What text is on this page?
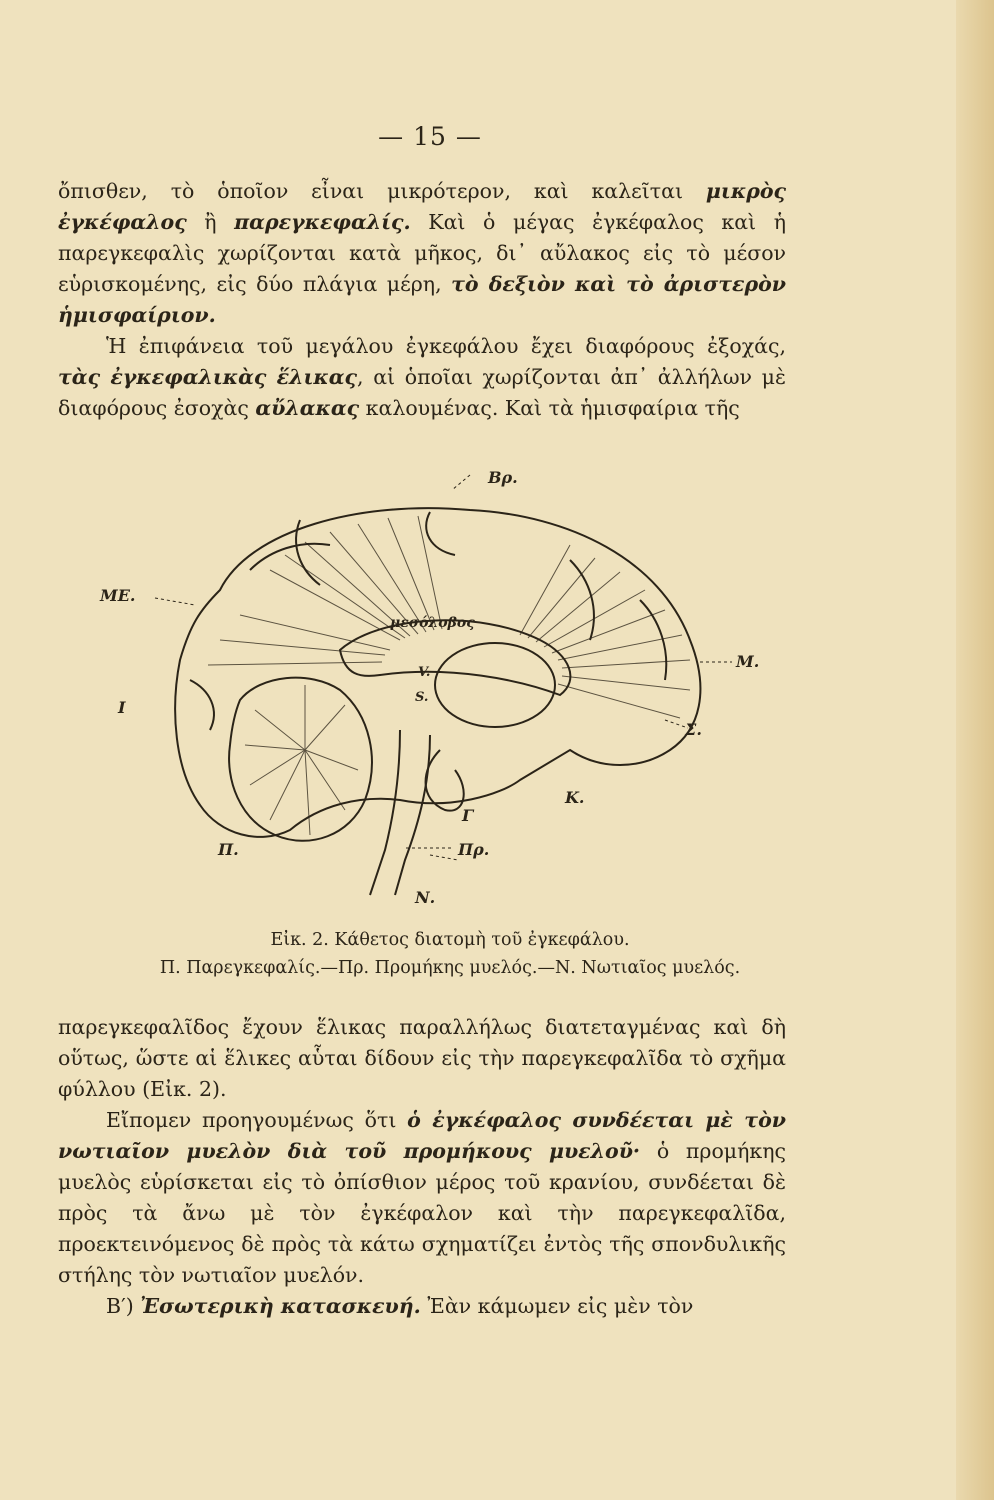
— 15 —

ὄπισθεν, τὸ ὁποῖον εἶναι μικρότερον, καὶ καλεῖται μικρὸς ἐγκέφαλος ἢ παρεγκεφαλίς. Καὶ ὁ μέγας ἐγκέφαλος καὶ ἡ παρεγκεφαλὶς χωρίζονται κατὰ μῆκος, δι᾿ αὔλακος εἰς τὸ μέσον εὑρισκομένης, εἰς δύο πλάγια μέρη, τὸ δεξιὸν καὶ τὸ ἀριστερὸν ἡμισφαίριον.

Ἡ ἐπιφάνεια τοῦ μεγάλου ἐγκεφάλου ἔχει διαφόρους ἐξοχάς, τὰς ἐγκεφαλικὰς ἕλικας, αἱ ὁποῖαι χωρίζονται ἀπ᾿ ἀλλήλων μὲ διαφόρους ἐσοχὰς αὔλακας καλουμένας. Καὶ τὰ ἡμισφαίρια τῆς

Βρ.
ΜΕ.
Μ.
Ι
Σ.
Κ.
Γ
Π.	Πρ.
Ν.
μεσόλοβος
V.
S.
Εἰκ. 2. Κάθετος διατομὴ τοῦ ἐγκεφάλου.
Π. Παρεγκεφαλίς.—Πρ. Προμήκης μυελός.—Ν. Νωτιαῖος μυελός.

παρεγκεφαλῖδος ἔχουν ἕλικας παραλλήλως διατεταγμένας καὶ δὴ οὕτως, ὥστε αἱ ἕλικες αὗται δίδουν εἰς τὴν παρεγκεφαλῖδα τὸ σχῆμα φύλλου (Εἰκ. 2).

Εἴπομεν προηγουμένως ὅτι ὁ ἐγκέφαλος συνδέεται μὲ τὸν νωτιαῖον μυελὸν διὰ τοῦ προμήκους μυελοῦ· ὁ προμήκης μυελὸς εὑρίσκεται εἰς τὸ ὀπίσθιον μέρος τοῦ κρανίου, συνδέεται δὲ πρὸς τὰ ἄνω μὲ τὸν ἐγκέφαλον καὶ τὴν παρεγκεφαλῖδα, προεκτεινόμενος δὲ πρὸς τὰ κάτω σχηματίζει ἐντὸς τῆς σπονδυλικῆς στήλης τὸν νωτιαῖον μυελόν.

Β′) Ἐσωτερικὴ κατασκευή. Ἐὰν κάμωμεν εἰς μὲν τὸν
